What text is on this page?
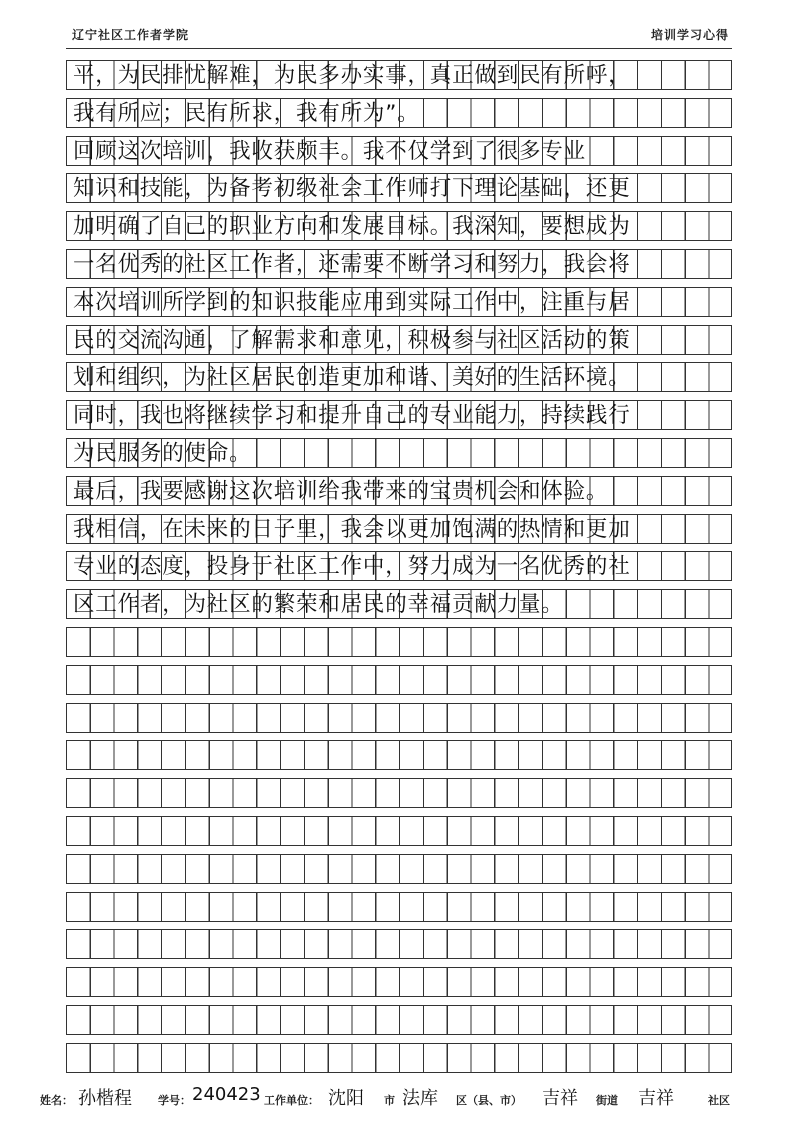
辽宁社区工作者学院	培训学习心得
平，为民排忧解难，为民多办实事，真正做到民有所呼，
我有所应；民有所求，我有所为”。
回顾这次培训，我收获颇丰。我不仅学到了很多专业
知识和技能，为备考初级社会工作师打下理论基础，还更
加明确了自己的职业方向和发展目标。我深知，要想成为
一名优秀的社区工作者，还需要不断学习和努力，我会将
本次培训所学到的知识技能应用到实际工作中，注重与居
民的交流沟通，了解需求和意见，积极参与社区活动的策
划和组织，为社区居民创造更加和谐、美好的生活环境。
同时，我也将继续学习和提升自己的专业能力，持续践行
为民服务的使命。
最后，我要感谢这次培训给我带来的宝贵机会和体验。
我相信，在未来的日子里，我会以更加饱满的热情和更加
专业的态度，投身于社区工作中，努力成为一名优秀的社
区工作者，为社区的繁荣和居民的幸福贡献力量。
姓名： 孙楷程 学号： 240423 工作单位： 沈阳 市 法库 区（县、市） 吉祥 街道 吉祥	社区
